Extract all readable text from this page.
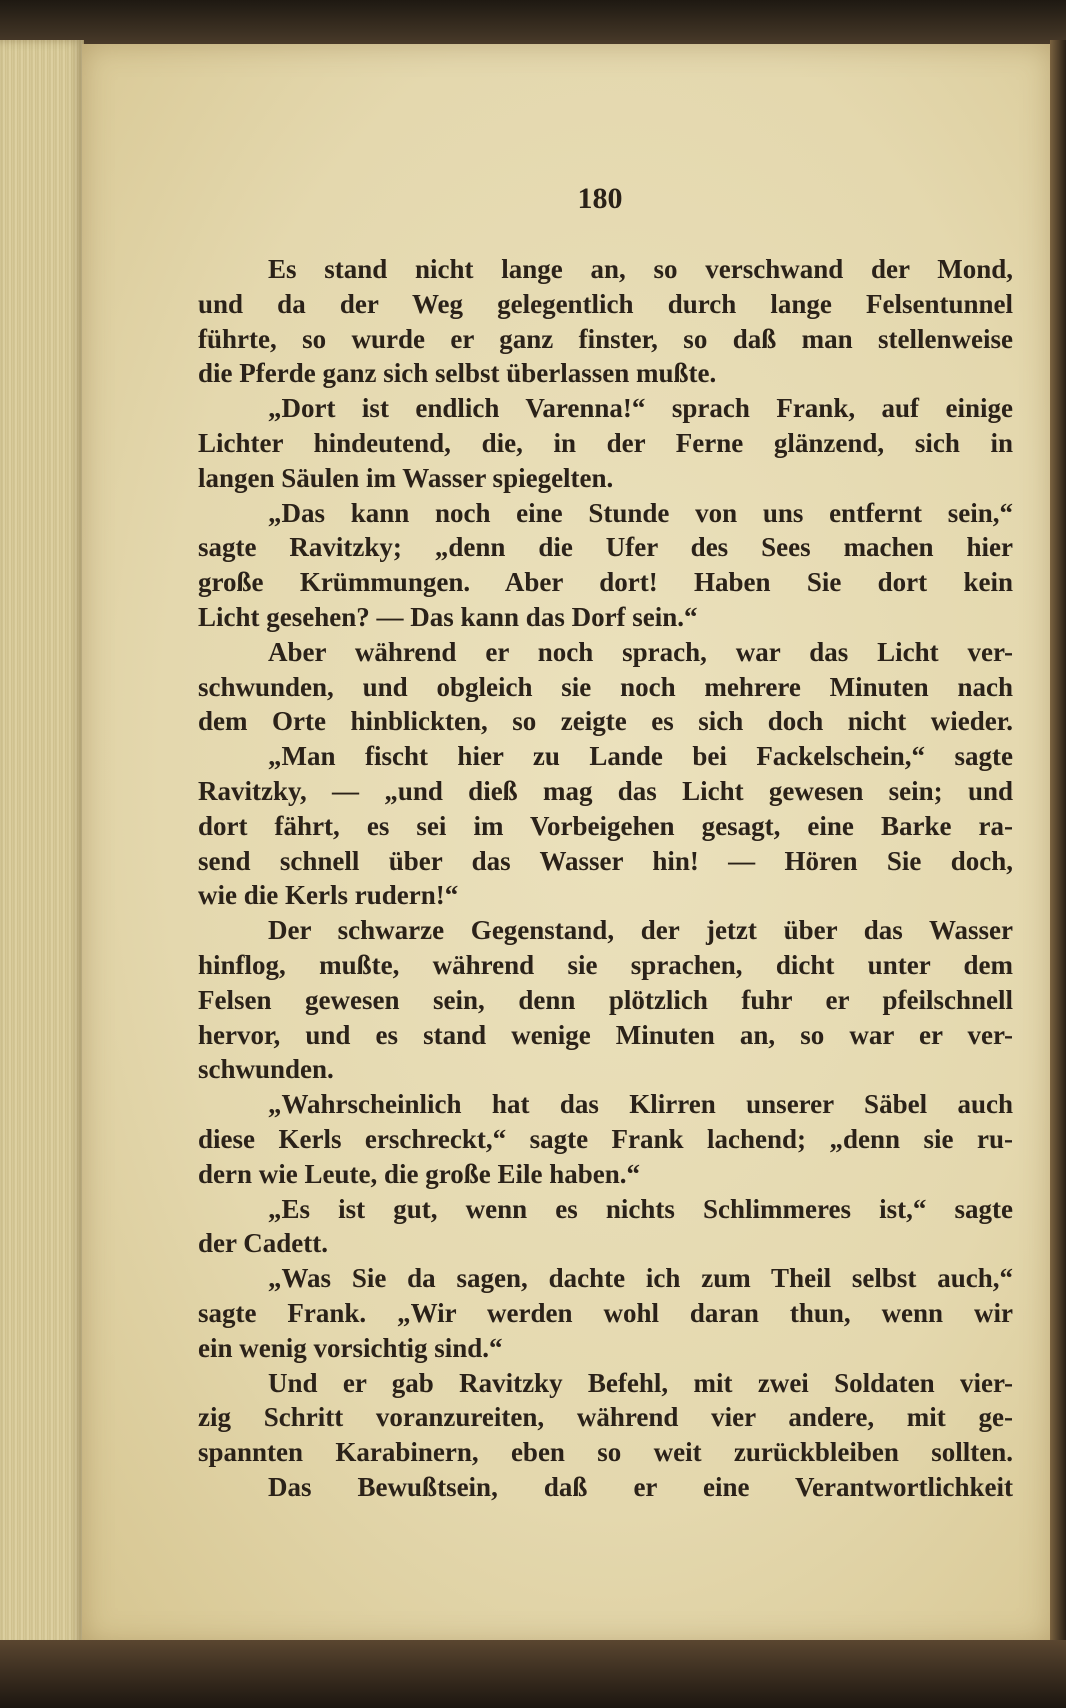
180
Es stand nicht lange an, so verschwand der Mond,
und da der Weg gelegentlich durch lange Felsentunnel
führte, so wurde er ganz finster, so daß man stellenweise
die Pferde ganz sich selbst überlassen mußte.
„Dort ist endlich Varenna!“ sprach Frank, auf einige
Lichter hindeutend, die, in der Ferne glänzend, sich in
langen Säulen im Wasser spiegelten.
„Das kann noch eine Stunde von uns entfernt sein,“
sagte Ravitzky; „denn die Ufer des Sees machen hier
große Krümmungen. Aber dort! Haben Sie dort kein
Licht gesehen? — Das kann das Dorf sein.“
Aber während er noch sprach, war das Licht ver-
schwunden, und obgleich sie noch mehrere Minuten nach
dem Orte hinblickten, so zeigte es sich doch nicht wieder.
„Man fischt hier zu Lande bei Fackelschein,“ sagte
Ravitzky, — „und dieß mag das Licht gewesen sein; und
dort fährt, es sei im Vorbeigehen gesagt, eine Barke ra-
send schnell über das Wasser hin! — Hören Sie doch,
wie die Kerls rudern!“
Der schwarze Gegenstand, der jetzt über das Wasser
hinflog, mußte, während sie sprachen, dicht unter dem
Felsen gewesen sein, denn plötzlich fuhr er pfeilschnell
hervor, und es stand wenige Minuten an, so war er ver-
schwunden.
„Wahrscheinlich hat das Klirren unserer Säbel auch
diese Kerls erschreckt,“ sagte Frank lachend; „denn sie ru-
dern wie Leute, die große Eile haben.“
„Es ist gut, wenn es nichts Schlimmeres ist,“ sagte
der Cadett.
„Was Sie da sagen, dachte ich zum Theil selbst auch,“
sagte Frank. „Wir werden wohl daran thun, wenn wir
ein wenig vorsichtig sind.“
Und er gab Ravitzky Befehl, mit zwei Soldaten vier-
zig Schritt voranzureiten, während vier andere, mit ge-
spannten Karabinern, eben so weit zurückbleiben sollten.
Das Bewußtsein, daß er eine Verantwortlichkeit
